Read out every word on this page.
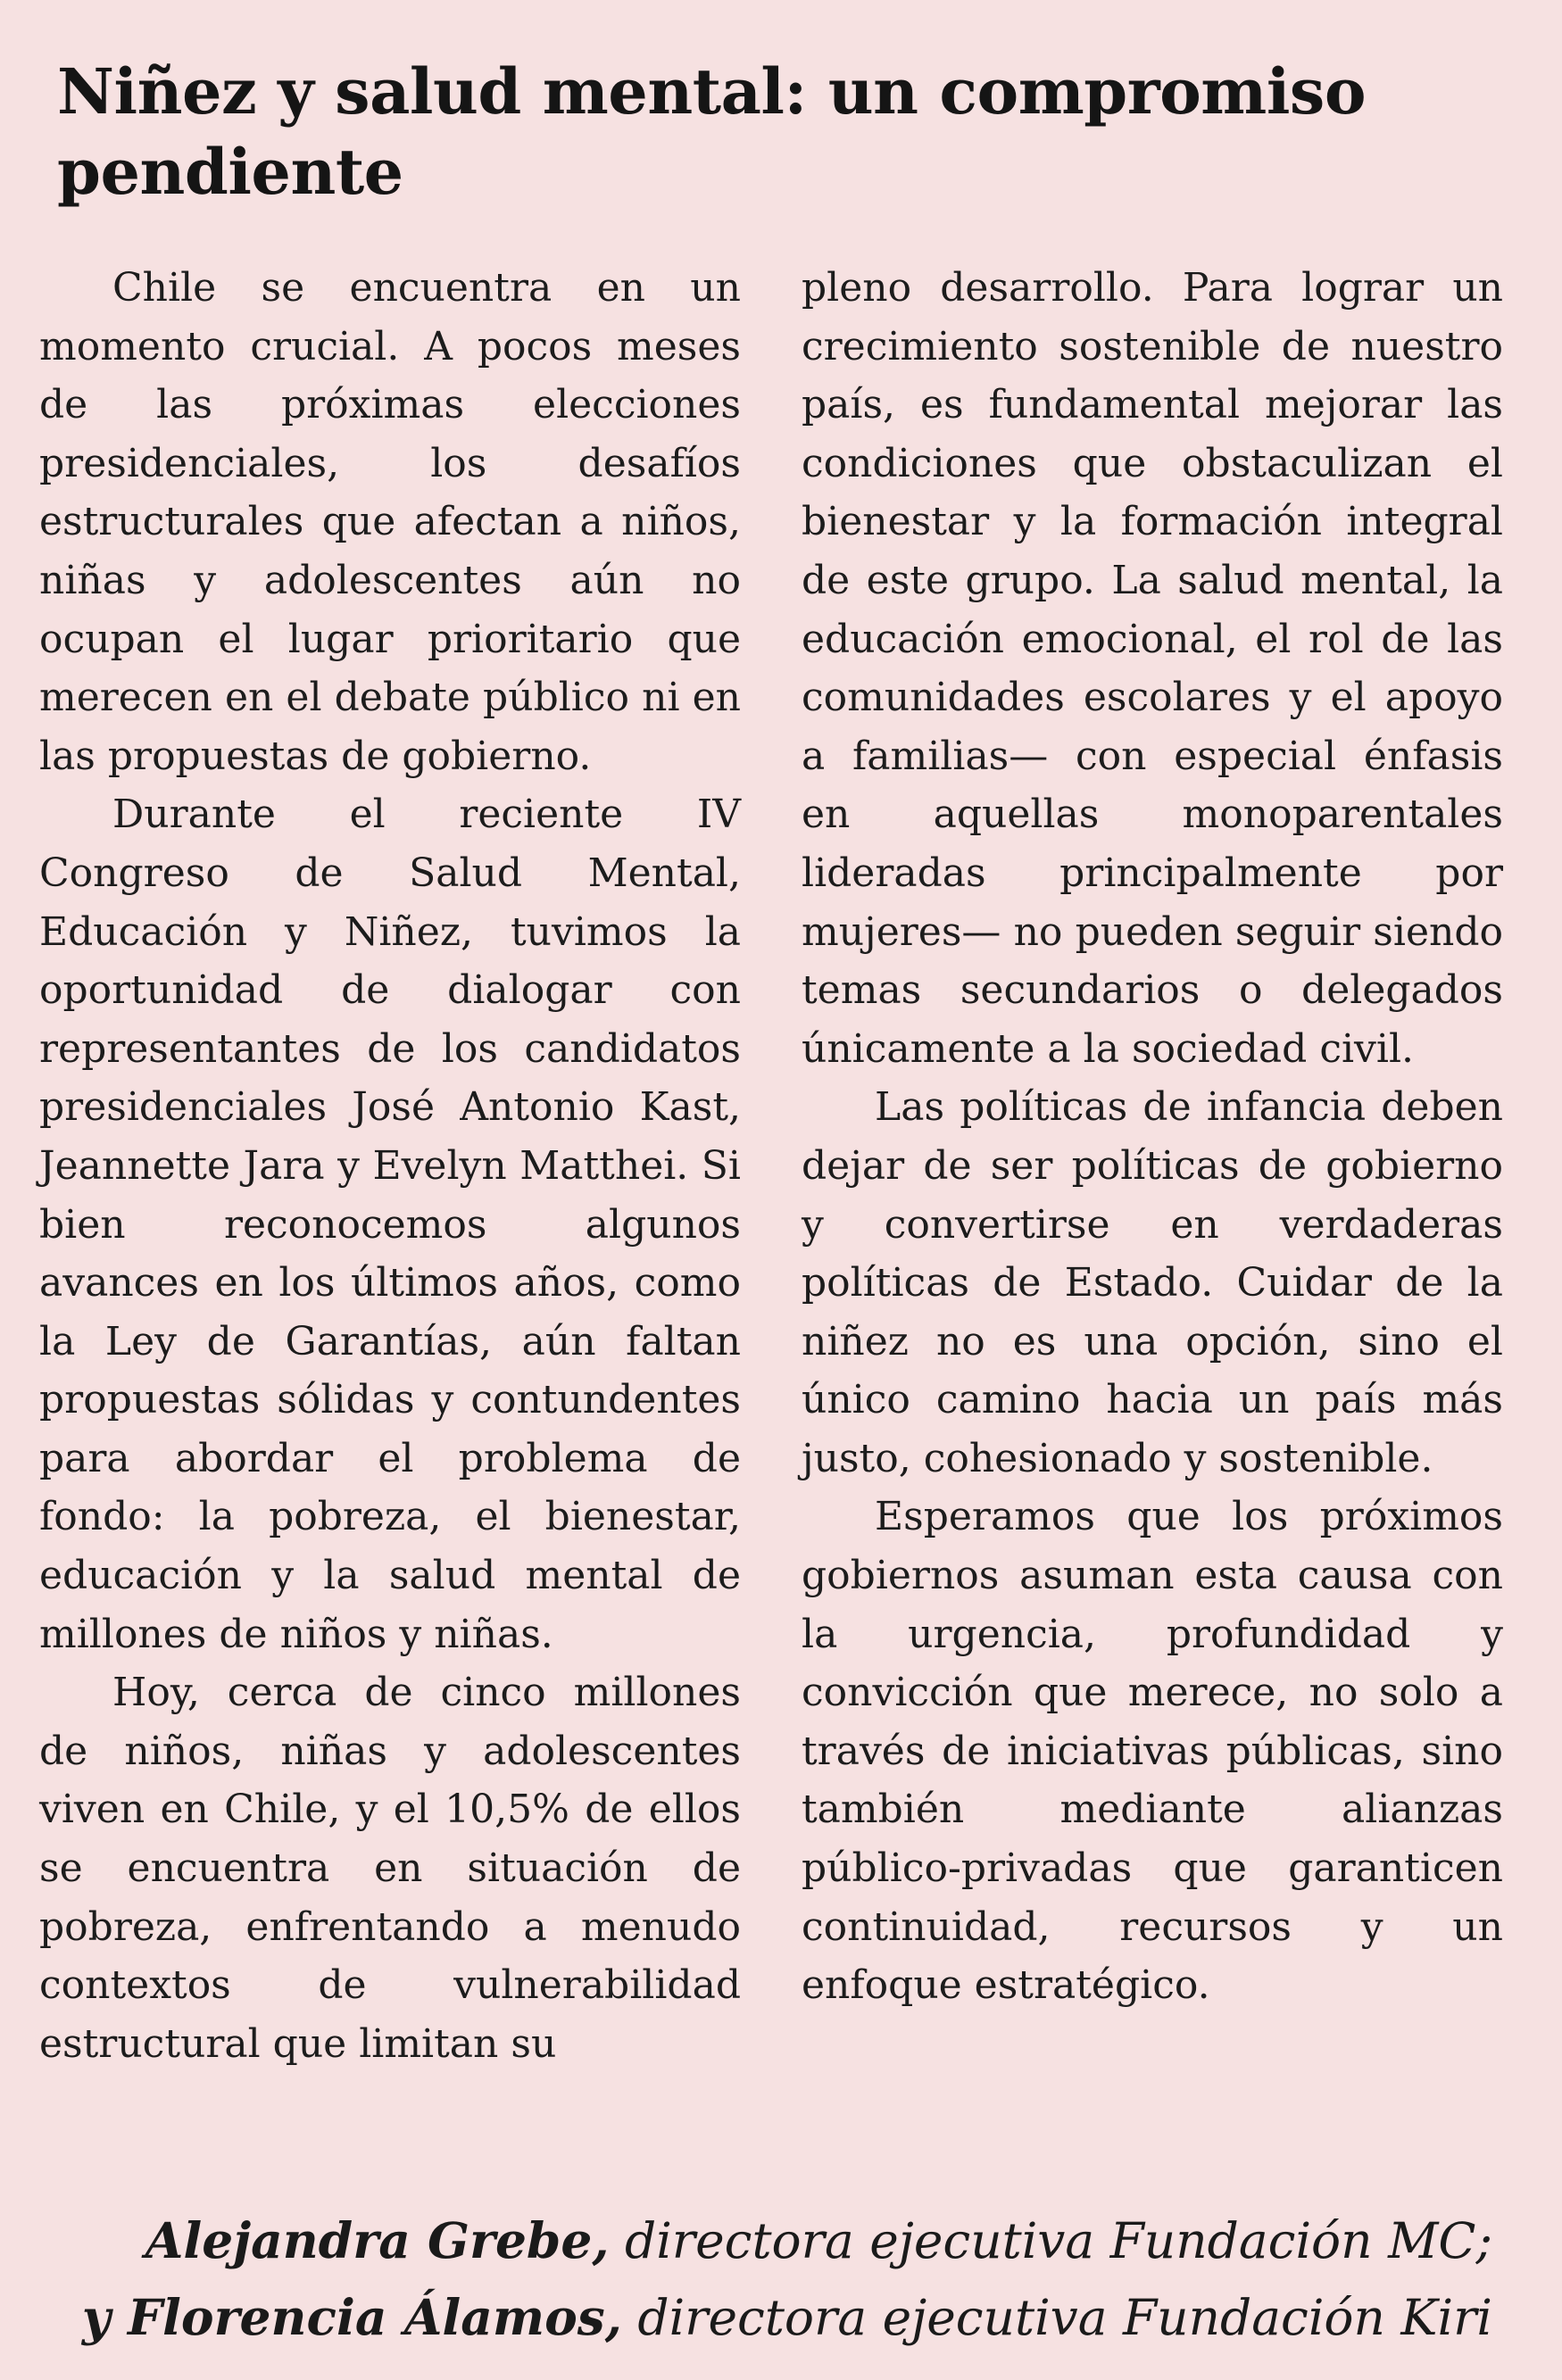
Niñez y salud mental: un compromiso pendiente

Chile se encuentra en un momento crucial. A pocos meses de las próximas elecciones presidenciales, los desafíos estructurales que afectan a niños, niñas y adolescentes aún no ocupan el lugar prioritario que merecen en el debate público ni en las propuestas de gobierno.

Durante el reciente IV Congreso de Salud Mental, Educación y Niñez, tuvimos la oportunidad de dialogar con representantes de los candidatos presidenciales José Antonio Kast, Jeannette Jara y Evelyn Matthei. Si bien reconocemos algunos avances en los últimos años, como la Ley de Garantías, aún faltan propuestas sólidas y contundentes para abordar el problema de fondo: la pobreza, el bienestar, educación y la salud mental de millones de niños y niñas.

Hoy, cerca de cinco millones de niños, niñas y adolescentes viven en Chile, y el 10,5% de ellos se encuentra en situación de pobreza, enfrentando a menudo contextos de vulnerabilidad estructural que limitan su

pleno desarrollo. Para lograr un crecimiento sostenible de nuestro país, es fundamental mejorar las condiciones que obstaculizan el bienestar y la formación integral de este grupo. La salud mental, la educación emocional, el rol de las comunidades escolares y el apoyo a familias— con especial énfasis en aquellas monoparentales lideradas principalmente por mujeres— no pueden seguir siendo temas secundarios o delegados únicamente a la sociedad civil.

Las políticas de infancia deben dejar de ser políticas de gobierno y convertirse en verdaderas políticas de Estado. Cuidar de la niñez no es una opción, sino el único camino hacia un país más justo, cohesionado y sostenible.

Esperamos que los próximos gobiernos asuman esta causa con la urgencia, profundidad y convicción que merece, no solo a través de iniciativas públicas, sino también mediante alianzas público-privadas que garanticen continuidad, recursos y un enfoque estratégico.

Alejandra Grebe, directora ejecutiva Fundación MC;
y Florencia Álamos, directora ejecutiva Fundación Kiri
